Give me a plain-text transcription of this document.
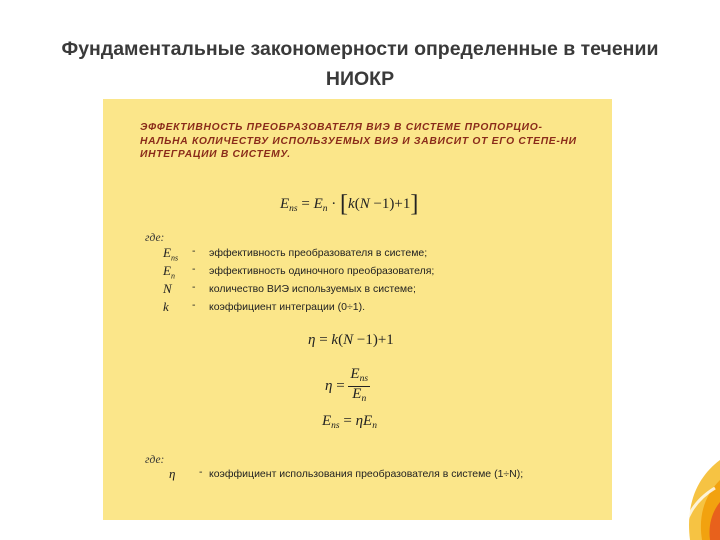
Фундаментальные закономерности определенные в течении
НИОКР
ЭФФЕКТИВНОСТЬ ПРЕОБРАЗОВАТЕЛЯ ВИЭ В СИСТЕМЕ ПРОПОРЦИО-НАЛЬНА КОЛИЧЕСТВУ ИСПОЛЬЗУЕМЫХ ВИЭ И ЗАВИСИТ ОТ ЕГО СТЕПЕ-НИ ИНТЕГРАЦИИ В СИСТЕМУ.
$E_{ns} = E_n \cdot [k(N -1)+1]$
где:
$E_{ns}$
- эффективность преобразователя в системе;
$E_n$
- эффективность одиночного преобразователя;
N - количество ВИЭ используемых в системе;
k - коэффициент интеграции (0÷1).
η = k(N −1)+1
$\eta = \frac{E_{ns}}{E_n}$
$E_{ns} = \eta E_n$
где:
η - коэффициент использования преобразователя в системе (1÷N);
